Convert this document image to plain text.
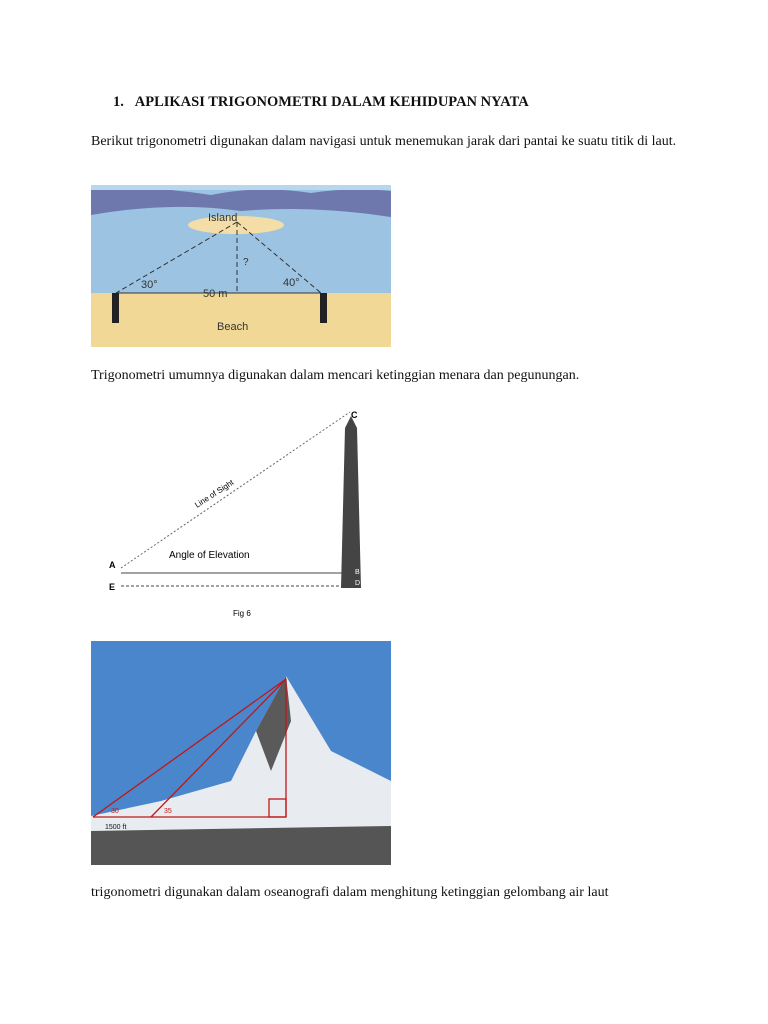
1. APLIKASI TRIGONOMETRI DALAM KEHIDUPAN NYATA
Berikut trigonometri digunakan dalam navigasi untuk menemukan jarak dari pantai ke suatu titik di laut.
Island
?
30°	40°
50 m
Beach
Trigonometri umumnya digunakan dalam mencari ketinggian menara dan pegunungan.
C
A
E
B
D
Line of Sight
Angle of Elevation
Fig 6
30	35
1500 ft
trigonometri digunakan dalam oseanografi dalam menghitung ketinggian gelombang air laut
